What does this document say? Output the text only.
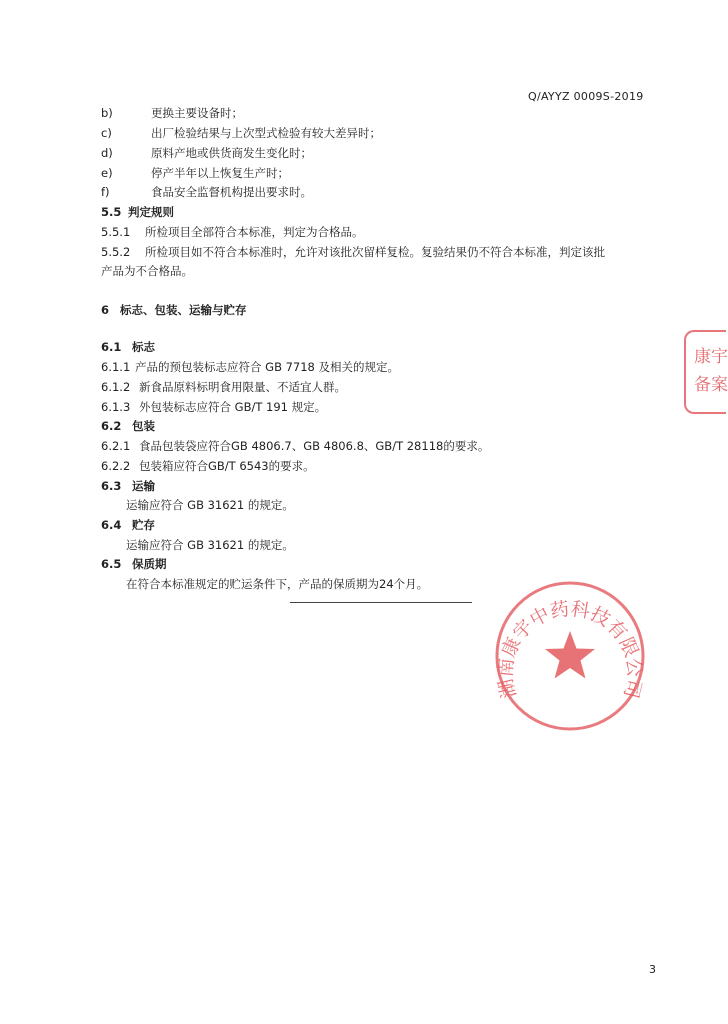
Q/AYYZ 0009S-2019
b)	更换主要设备时；
c)	出厂检验结果与上次型式检验有较大差异时；
d)	原料产地或供货商发生变化时；
e)	停产半年以上恢复生产时；
f)	食品安全监督机构提出要求时。
5.5 判定规则
5.5.1 所检项目全部符合本标准，判定为合格品。
5.5.2 所检项目如不符合本标准时，允许对该批次留样复检。复验结果仍不符合本标准，判定该批
产品为不合格品。
6 标志、包装、运输与贮存
6.1 标志
6.1.1 产品的预包装标志应符合 GB 7718 及相关的规定。
6.1.2 新食品原料标明食用限量、不适宜人群。
6.1.3 外包装标志应符合 GB/T 191 规定。
6.2 包装
6.2.1 食品包装袋应符合GB 4806.7、GB 4806.8、GB/T 28118的要求。
6.2.2 包装箱应符合GB/T 6543的要求。
6.3 运输
运输应符合 GB 31621 的规定。
6.4 贮存
运输应符合 GB 31621 的规定。
6.5 保质期
在符合本标准规定的贮运条件下，产品的保质期为24个月。
湖南康宇中药科技有限公司
康宇
备案
3
